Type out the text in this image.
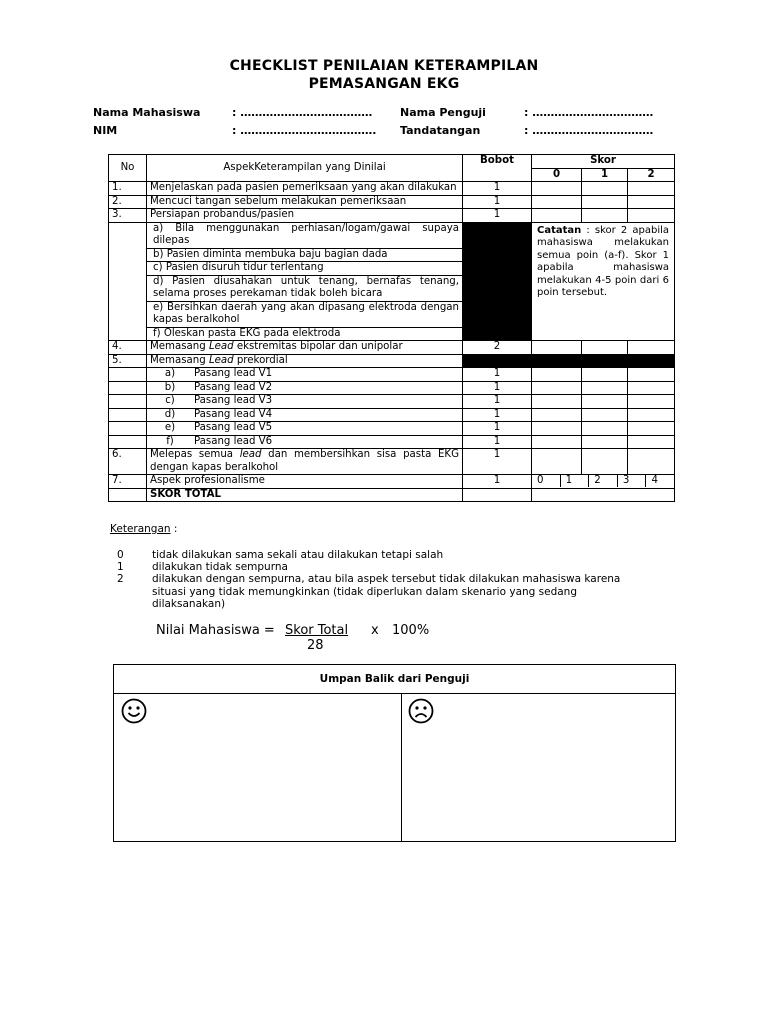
CHECKLIST PENILAIAN KETERAMPILAN
PEMASANGAN EKG
Nama Mahasiswa	: ………………………………	Nama Penguji	: ……………………………
NIM	: ………………………………. Tandatangan	: ……………………………
No	AspekKeterampilan yang Dinilai	Bobot	Skor		
			0	1	2
1.	Menjelaskan pada pasien pemeriksaan yang akan dilakukan	1			
2.	Mencuci tangan sebelum melakukan pemeriksaan	1			
3.	Persiapan probandus/pasien	1			
	a) Bila menggunakan perhiasan/logam/gawai supaya dilepas		Catatan : skor 2 apabila mahasiswa melakukan semua poin (a-f). Skor 1 apabila mahasiswa melakukan 4-5 poin dari 6 poin tersebut.		
	b) Pasien diminta membuka baju bagian dada				
	c) Pasien disuruh tidur terlentang				
	d) Pasien diusahakan untuk tenang, bernafas tenang, selama proses perekaman tidak boleh bicara				
	e) Bersihkan daerah yang akan dipasang elektroda dengan kapas beralkohol				
	f) Oleskan pasta EKG pada elektroda				
4.	Memasang Lead ekstremitas bipolar dan unipolar	2			
5.	Memasang Lead prekordial				
	a) Pasang lead V1	1			
	b) Pasang lead V2	1			
	c) Pasang lead V3	1			
	d) Pasang lead V4	1			
	e) Pasang lead V5	1			
	f) Pasang lead V6	1			
6.	Melepas semua lead dan membersihkan sisa pasta EKG dengan kapas beralkohol	1			
7.	Aspek profesionalisme	1	0 1 2 3 4		

	SKOR TOTAL				
Keterangan :
0	tidak dilakukan sama sekali atau dilakukan tetapi salah
1	dilakukan tidak sempurna
2	dilakukan dengan sempurna, atau bila aspek tersebut tidak dilakukan mahasiswa karena
situasi yang tidak memungkinkan (tidak diperlukan dalam skenario yang sedang
dilaksanakan)
Nilai Mahasiswa = Skor Total x 100%
28
Umpan Balik dari Penguji
